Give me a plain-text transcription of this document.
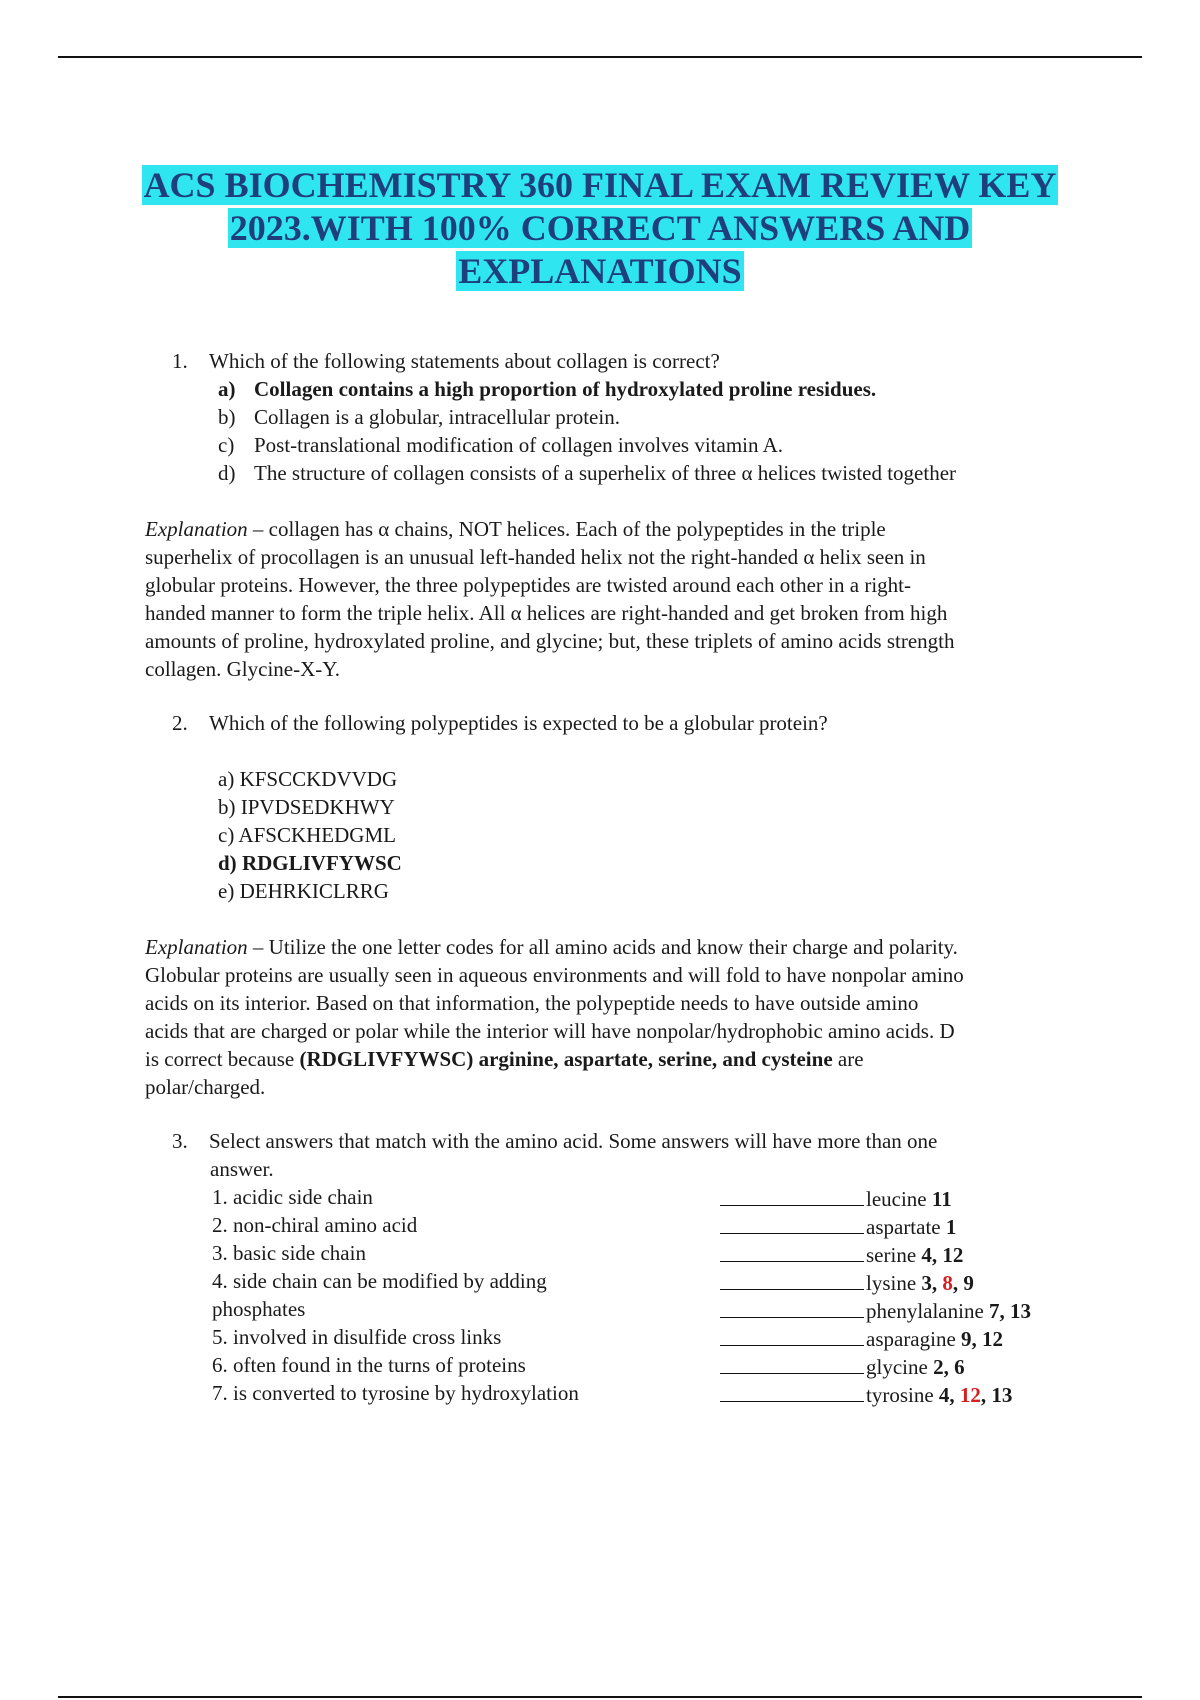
ACS BIOCHEMISTRY 360 FINAL EXAM REVIEW KEY
2023.WITH 100% CORRECT ANSWERS AND
EXPLANATIONS
1. Which of the following statements about collagen is correct?
a) Collagen contains a high proportion of hydroxylated proline residues.
b) Collagen is a globular, intracellular protein.
c) Post-translational modification of collagen involves vitamin A.
d) The structure of collagen consists of a superhelix of three α helices twisted together

Explanation – collagen has α chains, NOT helices. Each of the polypeptides in the triple

superhelix of procollagen is an unusual left-handed helix not the right-handed α helix seen in

globular proteins. However, the three polypeptides are twisted around each other in a right-

handed manner to form the triple helix. All α helices are right-handed and get broken from high

amounts of proline, hydroxylated proline, and glycine; but, these triplets of amino acids strength

collagen. Glycine-X-Y.

2. Which of the following polypeptides is expected to be a globular protein?
a) KFSCCKDVVDG
b) IPVDSEDKHWY
c) AFSCKHEDGML
d) RDGLIVFYWSC
e) DEHRKICLRRG

Explanation – Utilize the one letter codes for all amino acids and know their charge and polarity.

Globular proteins are usually seen in aqueous environments and will fold to have nonpolar amino

acids on its interior. Based on that information, the polypeptide needs to have outside amino

acids that are charged or polar while the interior will have nonpolar/hydrophobic amino acids. D

is correct because (RDGLIVFYWSC) arginine, aspartate, serine, and cysteine are

polar/charged.

3. Select answers that match with the amino acid. Some answers will have more than one
answer.
1. acidic side chain
2. non-chiral amino acid
3. basic side chain
4. side chain can be modified by adding
phosphates
5. involved in disulfide cross links
6. often found in the turns of proteins
7. is converted to tyrosine by hydroxylation
leucine 11
aspartate 1
serine 4, 12
lysine 3, 8, 9
phenylalanine 7, 13
asparagine 9, 12
glycine 2, 6
tyrosine 4, 12, 13
